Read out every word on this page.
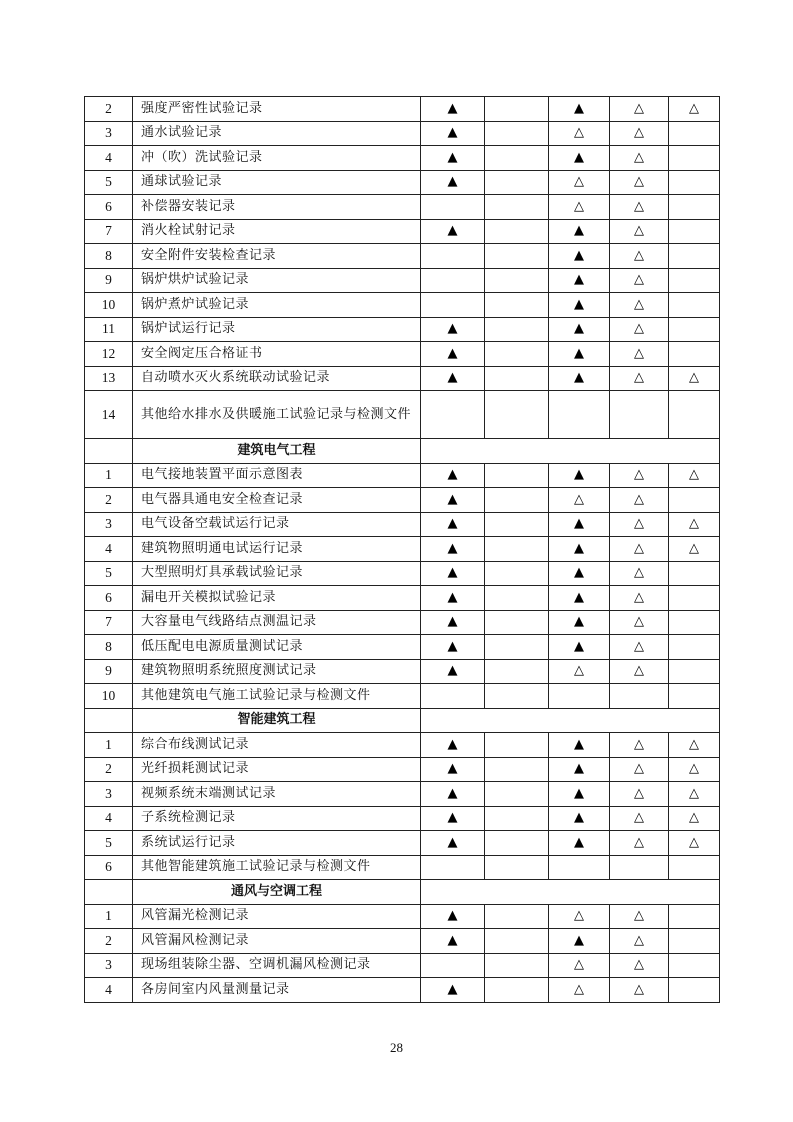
2	强度严密性试验记录	▲		▲	△	△
3	通水试验记录	▲		△	△	
4	冲（吹）洗试验记录	▲		▲	△	
5	通球试验记录	▲		△	△	
6	补偿器安装记录			△	△	
7	消火栓试射记录	▲		▲	△	
8	安全附件安装检查记录			▲	△	
9	锅炉烘炉试验记录			▲	△	
10	锅炉煮炉试验记录			▲	△	
11	锅炉试运行记录	▲		▲	△	
12	安全阀定压合格证书	▲		▲	△	
13	自动喷水灭火系统联动试验记录	▲		▲	△	△
14	其他给水排水及供暖施工试验记录与检测文件					
	建筑电气工程					
1	电气接地装置平面示意图表	▲		▲	△	△
2	电气器具通电安全检查记录	▲		△	△	
3	电气设备空载试运行记录	▲		▲	△	△
4	建筑物照明通电试运行记录	▲		▲	△	△
5	大型照明灯具承载试验记录	▲		▲	△	
6	漏电开关模拟试验记录	▲		▲	△	
7	大容量电气线路结点测温记录	▲		▲	△	
8	低压配电电源质量测试记录	▲		▲	△	
9	建筑物照明系统照度测试记录	▲		△	△	
10	其他建筑电气施工试验记录与检测文件					
	智能建筑工程					
1	综合布线测试记录	▲		▲	△	△
2	光纤损耗测试记录	▲		▲	△	△
3	视频系统末端测试记录	▲		▲	△	△
4	子系统检测记录	▲		▲	△	△
5	系统试运行记录	▲		▲	△	△
6	其他智能建筑施工试验记录与检测文件					
	通风与空调工程					
1	风管漏光检测记录	▲		△	△	
2	风管漏风检测记录	▲		▲	△	
3	现场组装除尘器、空调机漏风检测记录			△	△	
4	各房间室内风量测量记录	▲		△	△	
28
